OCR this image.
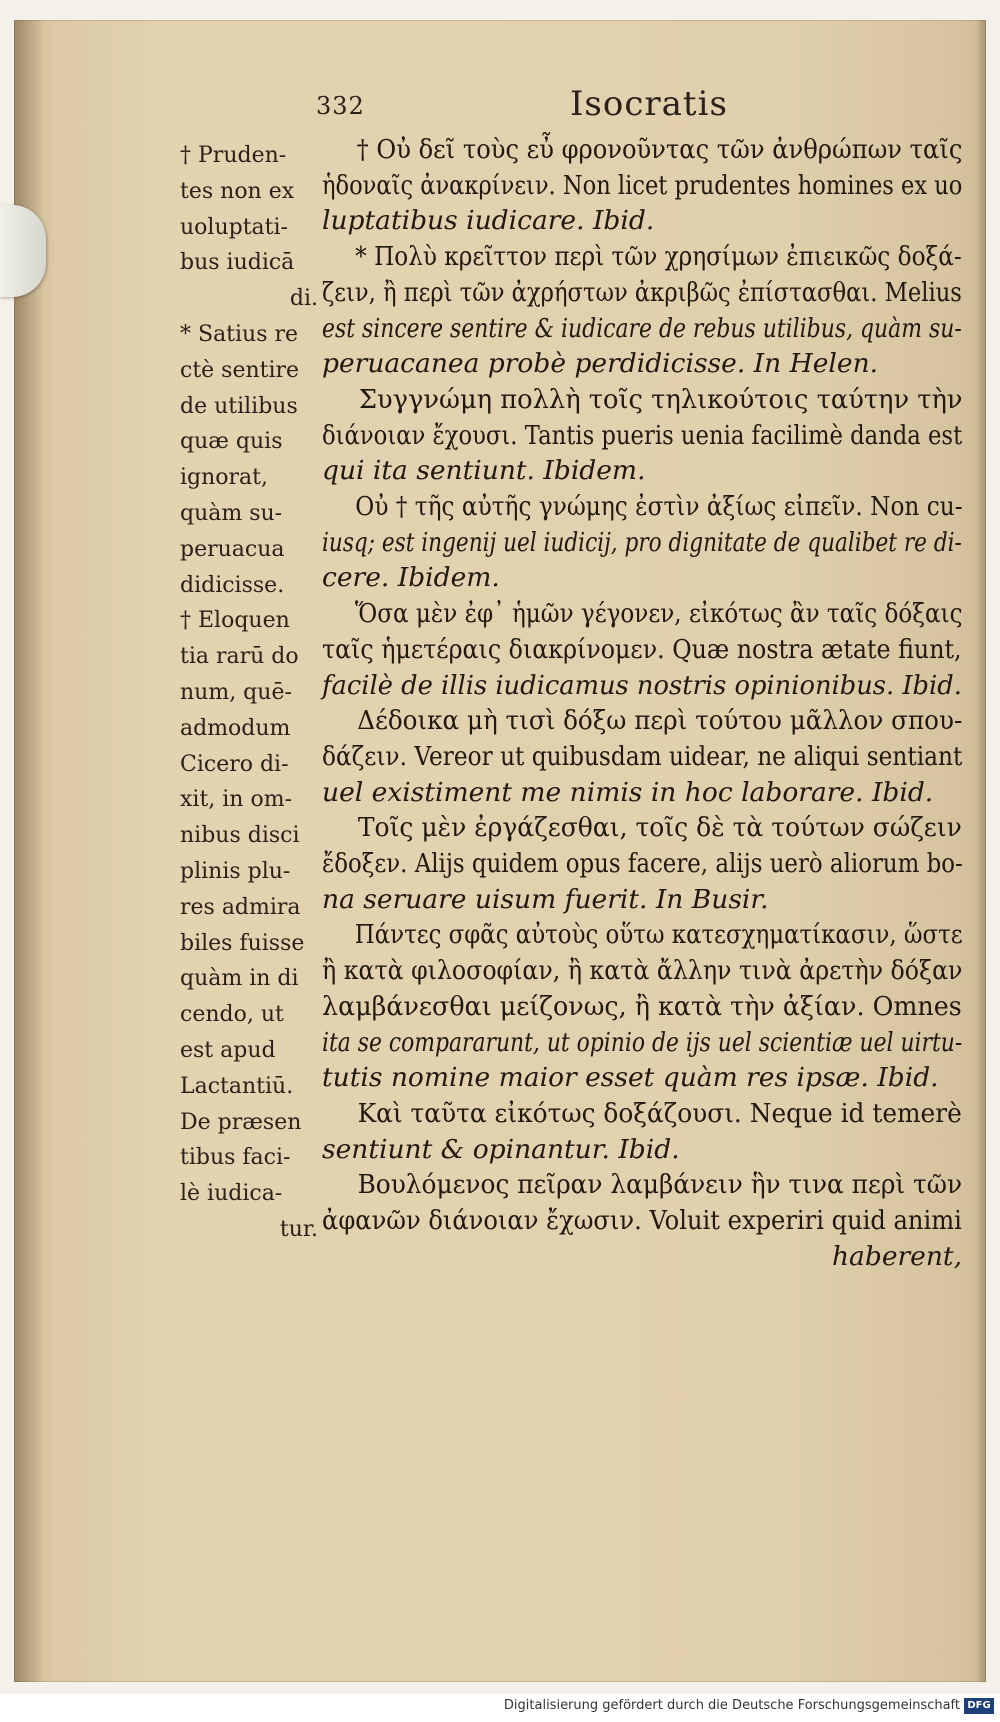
332	Isocratis
† Pruden-
tes non ex
uoluptati-
bus iudicā
di.
* Satius re
ctè sentire
de utilibus
quæ quis
ignorat,
quàm su-
peruacua
didicisse.
† Eloquen
tia rarū do
num, quē-
admodum
Cicero di-
xit, in om-
nibus disci
plinis plu-
res admira
biles fuisse
quàm in di
cendo, ut
est apud
Lactantiū.
De præsen
tibus faci-
lè iudica-
tur.
† Οὐ δεῖ τοὺς εὖ φρονοῦντας τῶν ἀνθρώπων ταῖς
ἡδοναῖς ἀνακρίνειν. Non licet prudentes homines ex uo
luptatibus iudicare. Ibid.
* Πολὺ κρεῖττον περὶ τῶν χρησίμων ἐπιεικῶς δοξά-
ζειν, ἢ περὶ τῶν ἀχρήστων ἀκριβῶς ἐπίστασθαι. Melius
est sincere sentire & iudicare de rebus utilibus, quàm su-
peruacanea probè perdidicisse. In Helen.
Συγγνώμη πολλὴ τοῖς τηλικούτοις ταύτην τὴν
διάνοιαν ἔχουσι. Tantis pueris uenia facilimè danda est
qui ita sentiunt. Ibidem.
Οὐ † τῆς αὐτῆς γνώμης ἐστὶν ἀξίως εἰπεῖν. Non cu-
iusq; est ingenij uel iudicij, pro dignitate de qualibet re di-
cere. Ibidem.
Ὅσα μὲν ἐφ᾽ ἡμῶν γέγονεν, εἰκότως ἂν ταῖς δόξαις
ταῖς ἡμετέραις διακρίνομεν. Quæ nostra ætate fiunt,
facilè de illis iudicamus nostris opinionibus. Ibid.
Δέδοικα μὴ τισὶ δόξω περὶ τούτου μᾶλλον σπου-
δάζειν. Vereor ut quibusdam uidear, ne aliqui sentiant
uel existiment me nimis in hoc laborare. Ibid.
Τοῖς μὲν ἐργάζεσθαι, τοῖς δὲ τὰ τούτων σώζειν
ἔδοξεν. Alijs quidem opus facere, alijs uerò aliorum bo-
na seruare uisum fuerit. In Busir.
Πάντες σφᾶς αὐτοὺς οὕτω κατεσχηματίκασιν, ὥστε
ἢ κατὰ φιλοσοφίαν, ἢ κατὰ ἄλλην τινὰ ἀρετὴν δόξαν
λαμβάνεσθαι μείζονως, ἢ κατὰ τὴν ἀξίαν. Omnes
ita se compararunt, ut opinio de ijs uel scientiæ uel uirtu-
tutis nomine maior esset quàm res ipsæ. Ibid.
Καὶ ταῦτα εἰκότως δοξάζουσι. Neque id temerè
sentiunt & opinantur. Ibid.
Βουλόμενος πεῖραν λαμβάνειν ἣν τινα περὶ τῶν
ἀφανῶν διάνοιαν ἔχωσιν. Voluit experiri quid animi
haberent,
Digitalisierung gefördert durch die Deutsche Forschungsgemeinschaft DFG
